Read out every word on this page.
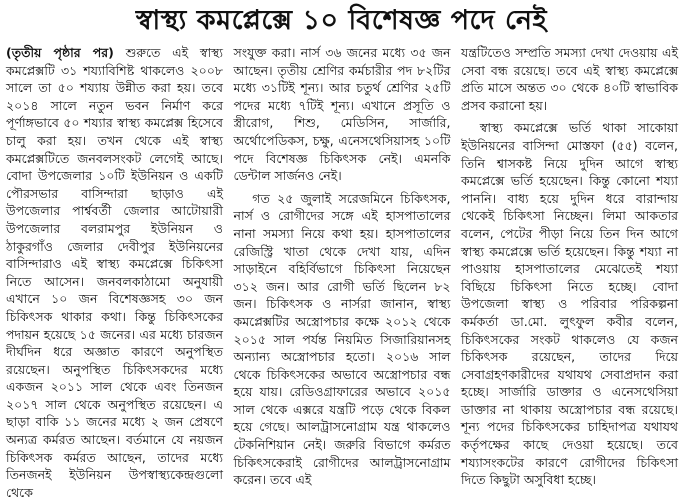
স্বাস্থ্য কমপ্লেক্সে ১০ বিশেষজ্ঞ পদে নেই

(তৃতীয় পৃষ্ঠার পর) শুরুতে এই স্বাস্থ্য কমপ্লেক্সটি ৩১ শয্যাবিশিষ্ট থাকলেও ২০০৮ সালে তা ৫০ শয্যায় উন্নীত করা হয়। তবে ২০১৪ সালে নতুন ভবন নির্মাণ করে পূর্ণাঙ্গভাবে ৫০ শয্যার স্বাস্থ্য কমপ্লেক্স হিসেবে চালু করা হয়। তখন থেকে এই স্বাস্থ্য কমপ্লেক্সটিতে জনবলসংকট লেগেই আছে। বোদা উপজেলার ১০টি ইউনিয়ন ও একটি পৌরসভার বাসিন্দারা ছাড়াও এই উপজেলার পার্শ্ববর্তী জেলার আটোয়ারী উপজেলার বলরামপুর ইউনিয়ন ও ঠাকুরগাঁও জেলার দেবীপুর ইউনিয়নের বাসিন্দারাও এই স্বাস্থ্য কমপ্লেক্সে চিকিৎসা নিতে আসেন। জনবলকাঠামো অনুযায়ী এখানে ১০ জন বিশেষজ্ঞসহ ৩০ জন চিকিৎসক থাকার কথা। কিন্তু চিকিৎসকের পদায়ন হয়েছে ১৫ জনের। এর মধ্যে চারজন দীর্ঘদিন ধরে অজ্ঞাত কারণে অনুপস্থিত রয়েছেন। অনুপস্থিত চিকিৎসকদের মধ্যে একজন ২০১১ সাল থেকে এবং তিনজন ২০১৭ সাল থেকে অনুপস্থিত রয়েছেন। এ ছাড়া বাকি ১১ জনের মধ্যে ২ জন প্রেষণে অন্যত্র কর্মরত আছেন। বর্তমানে যে নয়জন চিকিৎসক কর্মরত আছেন, তাদের মধ্যে তিনজনই ইউনিয়ন উপস্বাস্থ্যকেন্দ্রগুলো থেকে

সংযুক্ত করা। নার্স ৩৬ জনের মধ্যে ৩৫ জন আছেন। তৃতীয় শ্রেণির কর্মচারীর পদ ৮২টির মধ্যে ৩১টিই শূন্য। আর চতুর্থ শ্রেণির ২৫টি পদের মধ্যে ৭টিই শূন্য। এখানে প্রসূতি ও স্ত্রীরোগ, শিশু, মেডিসিন, সার্জারি, অর্থোপেডিকস, চক্ষু, এনেসথেসিয়াসহ ১০টি পদে বিশেষজ্ঞ চিকিৎসক নেই। এমনকি ডেন্টাল সার্জনও নেই।

গত ২৫ জুলাই সরেজমিনে চিকিৎসক, নার্স ও রোগীদের সঙ্গে এই হাসপাতালের নানা সমস্যা নিয়ে কথা হয়। হাসপাতালের রেজিস্ট্রি খাতা থেকে দেখা যায়, এদিন সাড়াইনে বহির্বিভাগে চিকিৎসা নিয়েছেন ৩১২ জন। আর রোগী ভর্তি ছিলেন ৮২ জন। চিকিৎসক ও নার্সরা জানান, স্বাস্থ্য কমপ্লেক্সটির অস্ত্রোপচার কক্ষে ২০১২ থেকে ২০১৫ সাল পর্যন্ত নিয়মিত সিজারিয়ানসহ অন্যান্য অস্ত্রোপচার হতো। ২০১৬ সাল থেকে চিকিৎসকের অভাবে অস্ত্রোপচার বন্ধ হয়ে যায়। রেডিওগ্রাফারের অভাবে ২০১৫ সাল থেকে এক্সরে যন্ত্রটি পড়ে থেকে বিকল হয়ে গেছে। আলট্রাসনোগ্রাম যন্ত্র থাকলেও টেকনিশিয়ান নেই। জরুরি বিভাগে কর্মরত চিকিৎসকেরাই রোগীদের আলট্রাসনোগ্রাম করেন। তবে এই

যন্ত্রটিতেও সম্প্রতি সমস্যা দেখা দেওয়ায় এই সেবা বন্ধ রয়েছে। তবে এই স্বাস্থ্য কমপ্লেক্সে প্রতি মাসে অন্তত ৩০ থেকে ৪০টি স্বাভাবিক প্রসব করানো হয়।

স্বাস্থ্য কমপ্লেক্সে ভর্তি থাকা সাকোয়া ইউনিয়নের বাসিন্দা মোস্তফা (৫৫) বলেন, তিনি শ্বাসকষ্ট নিয়ে দুদিন আগে স্বাস্থ্য কমপ্লেক্সে ভর্তি হয়েছেন। কিন্তু কোনো শয্যা পাননি। বাধ্য হয়ে দুদিন ধরে বারান্দায় থেকেই চিকিৎসা নিচ্ছেন। লিমা আকতার বলেন, পেটের পীড়া নিয়ে তিন দিন আগে স্বাস্থ্য কমপ্লেক্সে ভর্তি হয়েছেন। কিন্তু শয্যা না পাওয়ায় হাসপাতালের মেঝেতেই শয্যা বিছিয়ে চিকিৎসা নিতে হচ্ছে। বোদা উপজেলা স্বাস্থ্য ও পরিবার পরিকল্পনা কর্মকর্তা ডা.মো. লুৎফুল কবীর বলেন, চিকিৎসকের সংকট থাকলেও যে কজন চিকিৎসক রয়েছেন, তাদের দিয়ে সেবাগ্রহণকারীদের যথাযথ সেবাপ্রদান করা হচ্ছে। সার্জারি ডাক্তার ও এনেসথেসিয়া ডাক্তার না থাকায় অস্ত্রোপচার বন্ধ রয়েছে। শূন্য পদের চিকিৎসকের চাহিদাপত্র যথাযথ কর্তৃপক্ষের কাছে দেওয়া হয়েছে। তবে শয্যাসংকটের কারণে রোগীদের চিকিৎসা দিতে কিছুটা অসুবিধা হচ্ছে।
